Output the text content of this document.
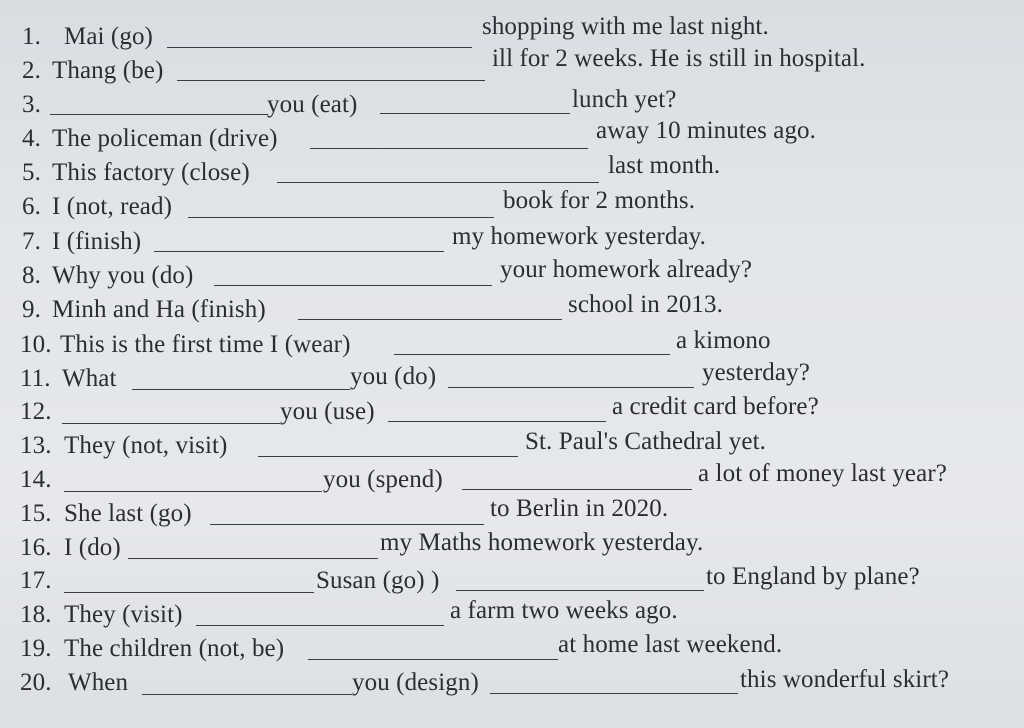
1. Mai (go)	shopping with me last night.
2. Thang (be)	ill for 2 weeks. He is still in hospital.
3.	you (eat)	lunch yet?
4. The policeman (drive)	away 10 minutes ago.
5. This factory (close)	last month.
6. I (not, read)	book for 2 months.
7. I (finish)	my homework yesterday.
8. Why you (do)	your homework already?
9. Minh and Ha (finish)	school in 2013.
10. This is the first time I (wear)	a kimono
11. What	you (do)	yesterday?
12.	you (use)	a credit card before?
13. They (not, visit)	St. Paul's Cathedral yet.
14.	you (spend)	a lot of money last year?
15. She last (go)	to Berlin in 2020.
16. I (do)	my Maths homework yesterday.
17.	Susan (go) )	to England by plane?
18. They (visit)	a farm two weeks ago.
19. The children (not, be)	at home last weekend.
20. When	you (design)	this wonderful skirt?
